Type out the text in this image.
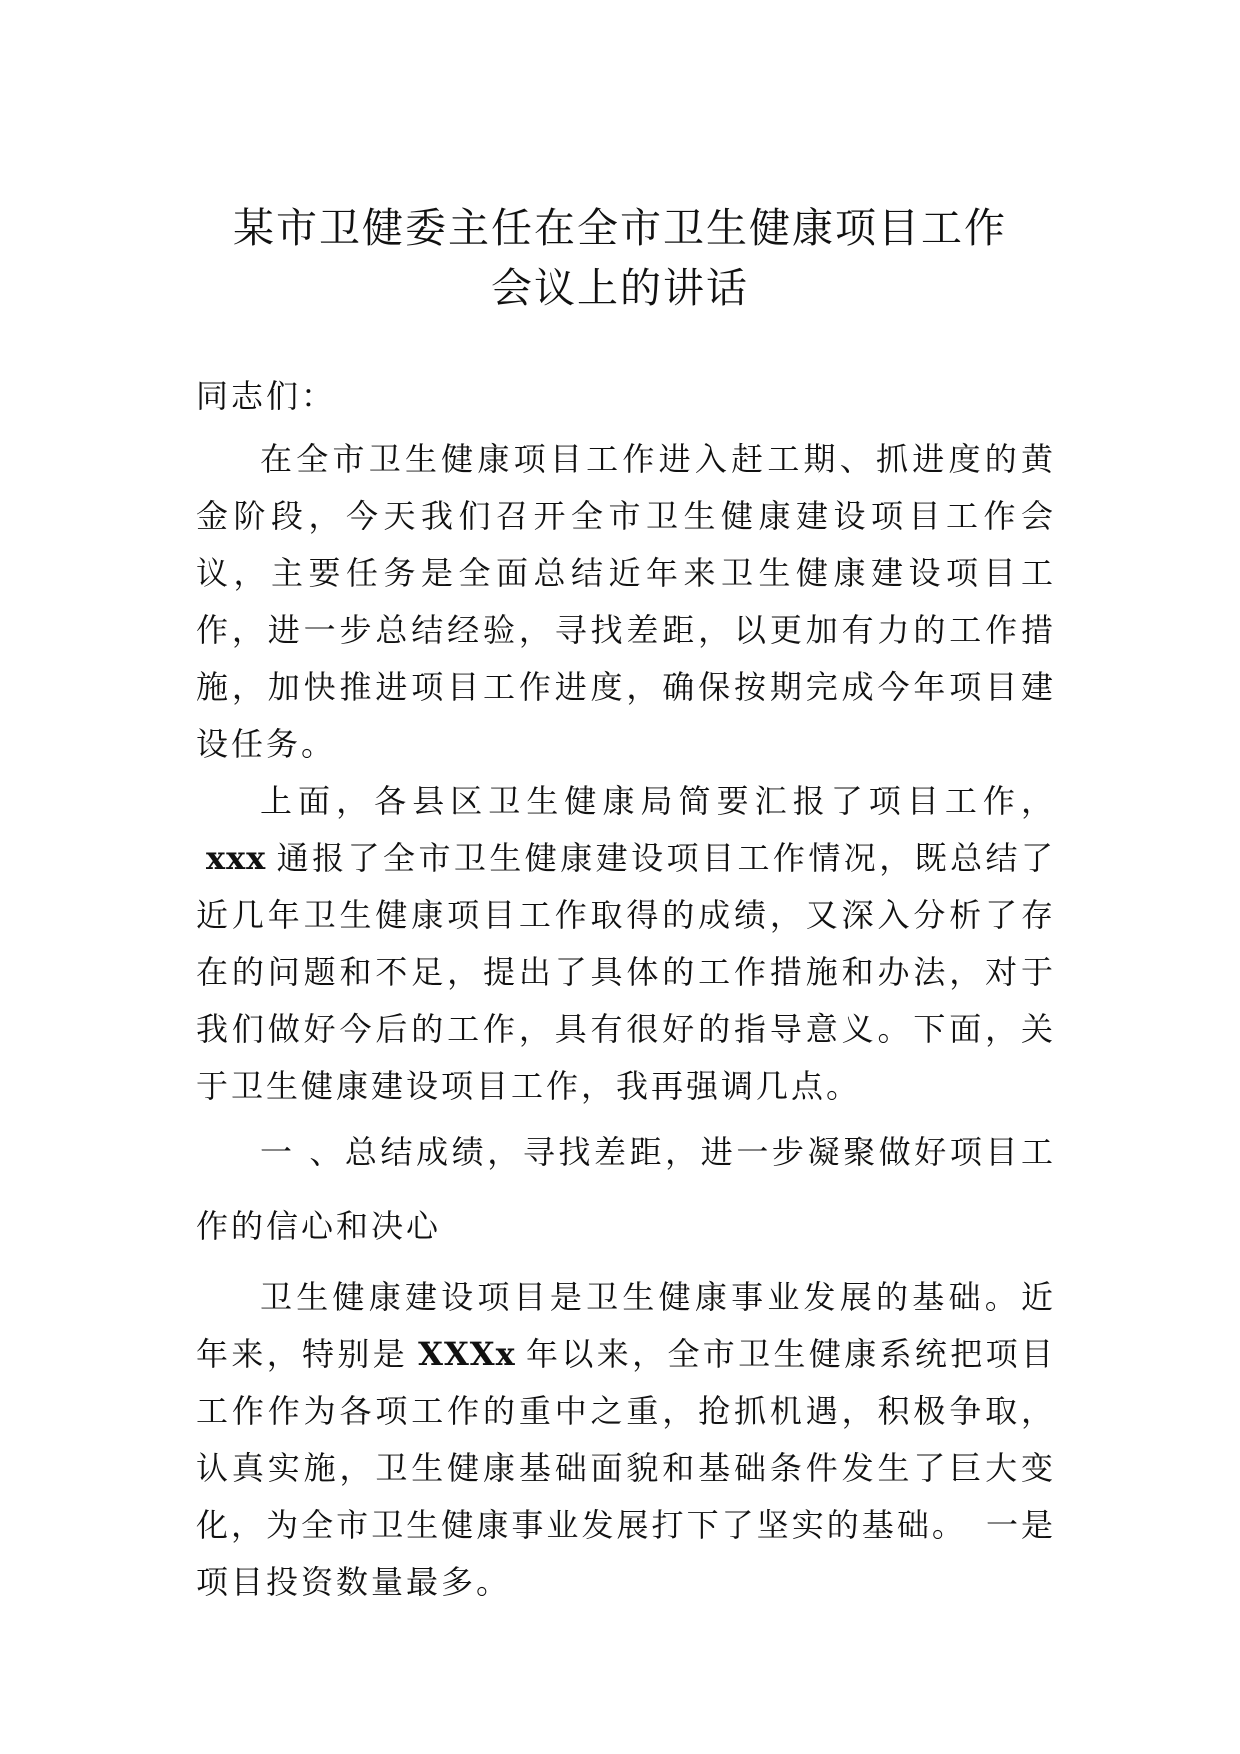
某市卫健委主任在全市卫生健康项目工作
会议上的讲话

同志们：

在全市卫生健康项目工作进入赶工期、抓进度的黄金阶段，今天我们召开全市卫生健康建设项目工作会议，主要任务是全面总结近年来卫生健康建设项目工作，进一步总结经验，寻找差距，以更加有力的工作措施，加快推进项目工作进度，确保按期完成今年项目建设任务。

上面，各县区卫生健康局简要汇报了项目工作，xxx 通报了全市卫生健康建设项目工作情况，既总结了近几年卫生健康项目工作取得的成绩，又深入分析了存在的问题和不足，提出了具体的工作措施和办法，对于我们做好今后的工作，具有很好的指导意义。下面，关于卫生健康建设项目工作，我再强调几点。

一 、总结成绩，寻找差距，进一步凝聚做好项目工作的信心和决心

卫生健康建设项目是卫生健康事业发展的基础。近年来，特别是 XXXx 年以来，全市卫生健康系统把项目工作作为各项工作的重中之重，抢抓机遇，积极争取，认真实施，卫生健康基础面貌和基础条件发生了巨大变化，为全市卫生健康事业发展打下了坚实的基础。　一是项目投资数量最多。
